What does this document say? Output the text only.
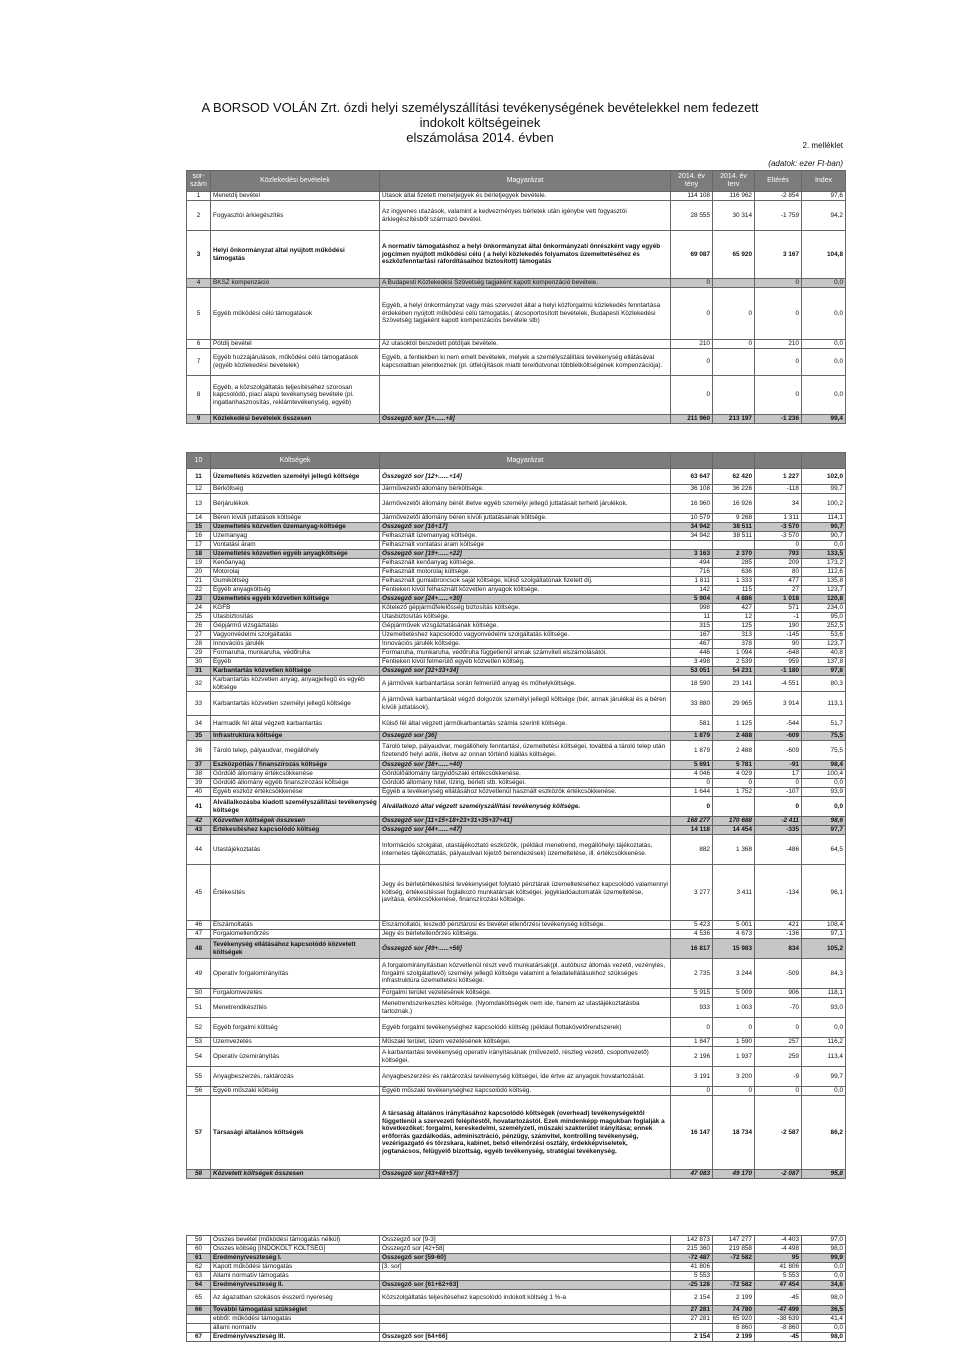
A BORSOD VOLÁN Zrt. ózdi helyi személyszállítási tevékenységének bevételekkel nem fedezett indokolt költségeinek
elszámolása 2014. évben
2. melléklet
(adatok: ezer Ft-ban)
sor-szám	Közlekedési bevételek	Magyarázat	2014. év tény	2014. év terv	Eltérés	Index
1	Menetdíj bevétel	Utasok által fizetett menetjegyek és bérletjegyek bevétele.	114 108	116 962	-2 854	97,6
2	Fogyasztói árkiegészítés	Az ingyenes utazások, valamint a kedvezményes bérletek után igénybe vett fogyasztói árkiegészítésből származó bevétel.	28 555	30 314	-1 759	94,2
3	Helyi önkormányzat által nyújtott működési támogatás	A normatív támogatáshoz a helyi önkormányzat által önkormányzati önrészként vagy egyéb jogcímen nyújtott működési célú ( a helyi közlekedés folyamatos üzemeltetéséhez és eszközfenntartási ráfordításaihoz biztosított) támogatás	69 087	65 920	3 167	104,8
4	BKSZ kompenzáció	A Budapesti Közlekedési Szövetség tagjaként kapott kompenzáció bevétele.	0		0	0,0
5	Egyéb működési célú támogatások	Egyéb, a helyi önkormányzat vagy más szervezet által a helyi közforgalmú közlekedés fenntartása érdekében nyújtott működési célú támogatás.( átcsoportosított bevételek, Budapesti Közlekedési Szövetség tagjaként kapott kompenzációs bevétele stb)	0	0	0	0,0
6	Pótdíj bevétel	Az utasoktól beszedett pótdíjak bevétele.	210	0	210	0,0
7	Egyéb hozzájárulások, működési célú támogatások (egyéb közlekedési bevételek)	Egyéb, a fentiekben ki nem emelt bevételek, melyek a személyszállítási tevékenység ellátásával kapcsolatban jelentkeznek (pl. útfelújítások miatti terelőútvonal többletköltségének kompenzációja).	0		0	0,0
8	Egyéb, a közszolgáltatás teljesítéséhez szorosan kapcsolódó, piaci alapú tevékenység bevétele (pl. ingatlanhasznosítás, reklámtevékenység, egyéb)		0		0	0,0
9	Közlekedési bevételek összesen	Összegző sor [1+......+8]	211 960	213 197	-1 236	99,4
10	Költségek	Magyarázat				
11	Üzemeltetés közvetlen személyi jellegű költsége	Összegző sor [12+......+14]	63 647	62 420	1 227	102,0
12	Bérköltség	Járművezetői állomány bérköltsége.	36 108	36 226	-118	99,7
13	Bérjárulékok	Járművezetői állomány bérét illetve egyéb személyi jellegű juttatásait terhelő járulékok.	16 960	16 926	34	100,2
14	Béren kívüli juttatások költsége	Járművezetői állomány béren kívüli juttatásainak költsége.	10 579	9 268	1 311	114,1
15	Üzemeltetés közvetlen üzemanyag-költsége	Összegző sor [16+17]	34 942	38 511	-3 570	90,7
16	Üzemanyag	Felhasznált üzemanyag költsége.	34 942	38 511	-3 570	90,7
17	Vontatási áram	Felhasznált vontatási áram költsége			0	0,0
18	Üzemeltetés közvetlen egyéb anyagköltsége	Összegző sor [19+......+22]	3 163	2 370	793	133,5
19	Kenőanyag	Felhasznált kenőanyag költsége.	494	285	209	173,2
20	Motorolaj	Felhasznált motorolaj költsége.	716	636	80	112,6
21	Gumiköltség	Felhasznált gumiabroncsok saját költsége, külső szolgáltatónak fizetett díj.	1 811	1 333	477	135,8
22	Egyéb anyagköltség	Fentieken kívül felhasznált közvetlen anyagok költsége.	142	115	27	123,7
23	Üzemeltetés egyéb közvetlen költsége	Összegző sor [24+......+30]	5 904	4 886	1 018	120,8
24	KGFB	Kötelező gépjárműfelelősség biztosítás költsége.	998	427	571	234,0
25	Utasbiztosítás	Utasbiztosítás költsége.	11	12	-1	95,0
26	Gépjármű vizsgáztatás	Gépjárművek vizsgáztatásának költsége.	315	125	190	252,5
27	Vagyonvédelmi szolgáltatás	Üzemeltetéshez kapcsolódó vagyonvédelmi szolgáltatás költsége.	167	313	-145	53,6
28	Innovációs járulék	Innovációs járulék költsége.	467	378	90	123,7
29	Formaruha, munkaruha, védőruha	Formaruha, munkaruha, védőruha függetlenül annak számviteli elszámolásától.	446	1 094	-648	40,8
30	Egyéb	Fentieken kívül felmerülő egyéb közvetlen költség.	3 498	2 539	959	137,8
31	Karbantartás közvetlen költsége	Összegző sor [32+33+34]	53 051	54 231	-1 180	97,8
32	Karbantartás közvetlen anyag, anyagjellegű és egyéb költsége	A járművek karbantartása során felmerülő anyag és műhelyköltsége.	18 590	23 141	-4 551	80,3
33	Karbantartás közvetlen személyi jellegű költsége	A járművek karbantartását végző dolgozók személyi jellegű költsége (bér, annak járulékai és a béren kívüli juttatások).	33 880	29 965	3 914	113,1
34	Harmadik fél által végzett karbantartás	Külső fél által végzett járműkarbantartás számla szerinti költsége.	581	1 125	-544	51,7
35	Infrastruktúra költsége	Összegző sor [36]	1 879	2 488	-609	75,5
36	Tároló telep, pályaudvar, megállóhely	Tároló telep, pályaudvar, megállóhely fenntartási, üzemeltetési költségei, továbbá a tároló telep után fizetendő helyi adók, illetve az onnan történő kiállás költségei.	1 879	2 488	-609	75,5
37	Eszközpótlás / finanszírozás költsége	Összegző sor [38+......+40]	5 691	5 781	-91	98,4
38	Gördülő állomány értékcsökkenése	Gördülőállomány tárgyidőszaki értékcsökkenése.	4 046	4 029	17	100,4
39	Gördülő állomány egyéb finanszírozási költsége	Gördülő állomány hitel, lízing, bérleti stb. költségei.	0	0	0	0,0
40	Egyéb eszköz értékcsökkenése	Egyéb a tevékenység ellátásához közvetlenül használt eszközök értékcsökkenése.	1 644	1 752	-107	93,9
41	Alvállalkozásba kiadott személyszállítási tevékenység költsége	Alvállalkozó által végzett személyszállítási tevékenység költsége.	0		0	0,0
42	Közvetlen költségek összesen	Összegző sor [11+15+18+23+31+35+37+41]	168 277	170 688	-2 411	98,6
43	Értékesítéshez kapcsolódó költség	Összegző sor [44+......+47]	14 118	14 454	-335	97,7
44	Utastájékoztatás	Információs szolgálat, utastájékoztató eszközök, (például menetrend, megállóhelyi tájékoztatás, internetes tájékoztatás, pályaudvari kijelző berendezések) üzemeltetése, ill. értékcsökkenése.	882	1 368	-486	64,5
45	Értékesítés	Jegy és bérletértékesítési tevékenységet folytató pénztárak üzemeltetéséhez kapcsolódó valamennyi költség, értékesítéssel foglalkozó munkatársak költségei, jegykiadóautomaták üzemeltetése, javítása, értékcsökkenése, finanszírozási költsége.	3 277	3 411	-134	96,1
46	Elszámoltatás	Elszámoltatói, leszedő pénztárosi és bevétel ellenőrzési tevékenység költsége.	5 423	5 001	421	108,4
47	Forgalomellenőrzés	Jegy és bérletellenőrzés költsége.	4 536	4 673	-136	97,1
48	Tevékenység ellátásához kapcsolódó közvetett költségek	Összegző sor [49+......+56]	16 817	15 983	834	105,2
49	Operatív forgalomirányítás	A forgalomirányításban közvetlenül részt vevő munkatársak(pl. autóbusz állomás vezető, vezénylés, forgalmi szolgálattevő) személyi jellegű költsége valamint a feladatellátásukhoz szükséges infrastruktúra üzemeltetési költsége.	2 735	3 244	-509	84,3
50	Forgalomvezetés	Forgalmi terület vezetésének költsége.	5 915	5 009	906	118,1
51	Menetrendkészítés	Menetrendszerkesztés költsége. (Nyomdaköltségek nem ide, hanem az utastájékoztatásba tartoznak.)	933	1 003	-70	93,0
52	Egyéb forgalmi költség	Egyéb forgalmi tevékenységhez kapcsolódó költség (például flottakövetőrendszerek)	0	0	0	0,0
53	Üzemvezetés	Műszaki terület, üzem vezetésének költségei.	1 847	1 590	257	116,2
54	Operatív üzemirányítás	A karbantartási tevékenység operatív irányításának (művezető, részleg vezető, csoportvezető) költségei.	2 196	1 937	259	113,4
55	Anyagbeszerzés, raktározás	Anyagbeszerzési és raktározási tevékenység költségei, ide értve az anyagok hovatartozását.	3 191	3 200	-9	99,7
56	Egyéb műszaki költség	Egyéb műszaki tevékenységhez kapcsolódó költség.	0	0	0	0,0
57	Társasági általános költségek	A társaság általános irányításához kapcsolódó költségek (overhead) tevékenységektől függetlenül a szervezeti felépítéstől, hovatartozástól. Ezek mindenképp magukban foglalják a következőket: forgalmi, kereskedelmi, személyzeti, műszaki szakterület irányítása; ennek erőforrás gazdálkodás, adminisztráció, pénzügy, számvitel, kontrolling tevékenység, vezérigazgató és törzskara, kabinet, belső ellenőrzési osztály, érdekképviseletek, jogtanácsos, felügyelő bizottság, egyéb tevékenység, stratégiai tevékenység.	16 147	18 734	-2 587	86,2
58	Közvetett költségek összesen	Összegző sor [43+48+57]	47 083	49 170	-2 087	95,8
59	Összes bevétel (működési támogatás nélkül)	Összegző sor [9-3]	142 873	147 277	-4 403	97,0
60	Összes költség [INDOKOLT KÖLTSÉG]	Összegző sor [42+58]	215 360	219 858	-4 498	98,0
61	Eredmény/veszteség I.	Összegző sor [59-60]	-72 487	-72 582	95	99,9
62	Kapott működési támogatás	[3. sor]	41 806		41 806	0,0
63	Állami normatív támogatás		5 553		5 553	0,0
64	Eredmény/veszteség II.	Összegző sor [61+62+63]	-25 128	-72 582	47 454	34,6
65	Az ágazatban szokásos ésszerű nyereség	Közszolgáltatás teljesítéséhez kapcsolódó indokolt költség 1 %-a	2 154	2 199	-45	98,0
66	További támogatási szükséglet		27 281	74 780	-47 499	36,5
	ebből: működési támogatás		27 281	65 920	-38 639	41,4
	állami normatív			8 860	-8 860	0,0
67	Eredmény/veszteség III.	Összegző sor [64+66]	2 154	2 199	-45	98,0
